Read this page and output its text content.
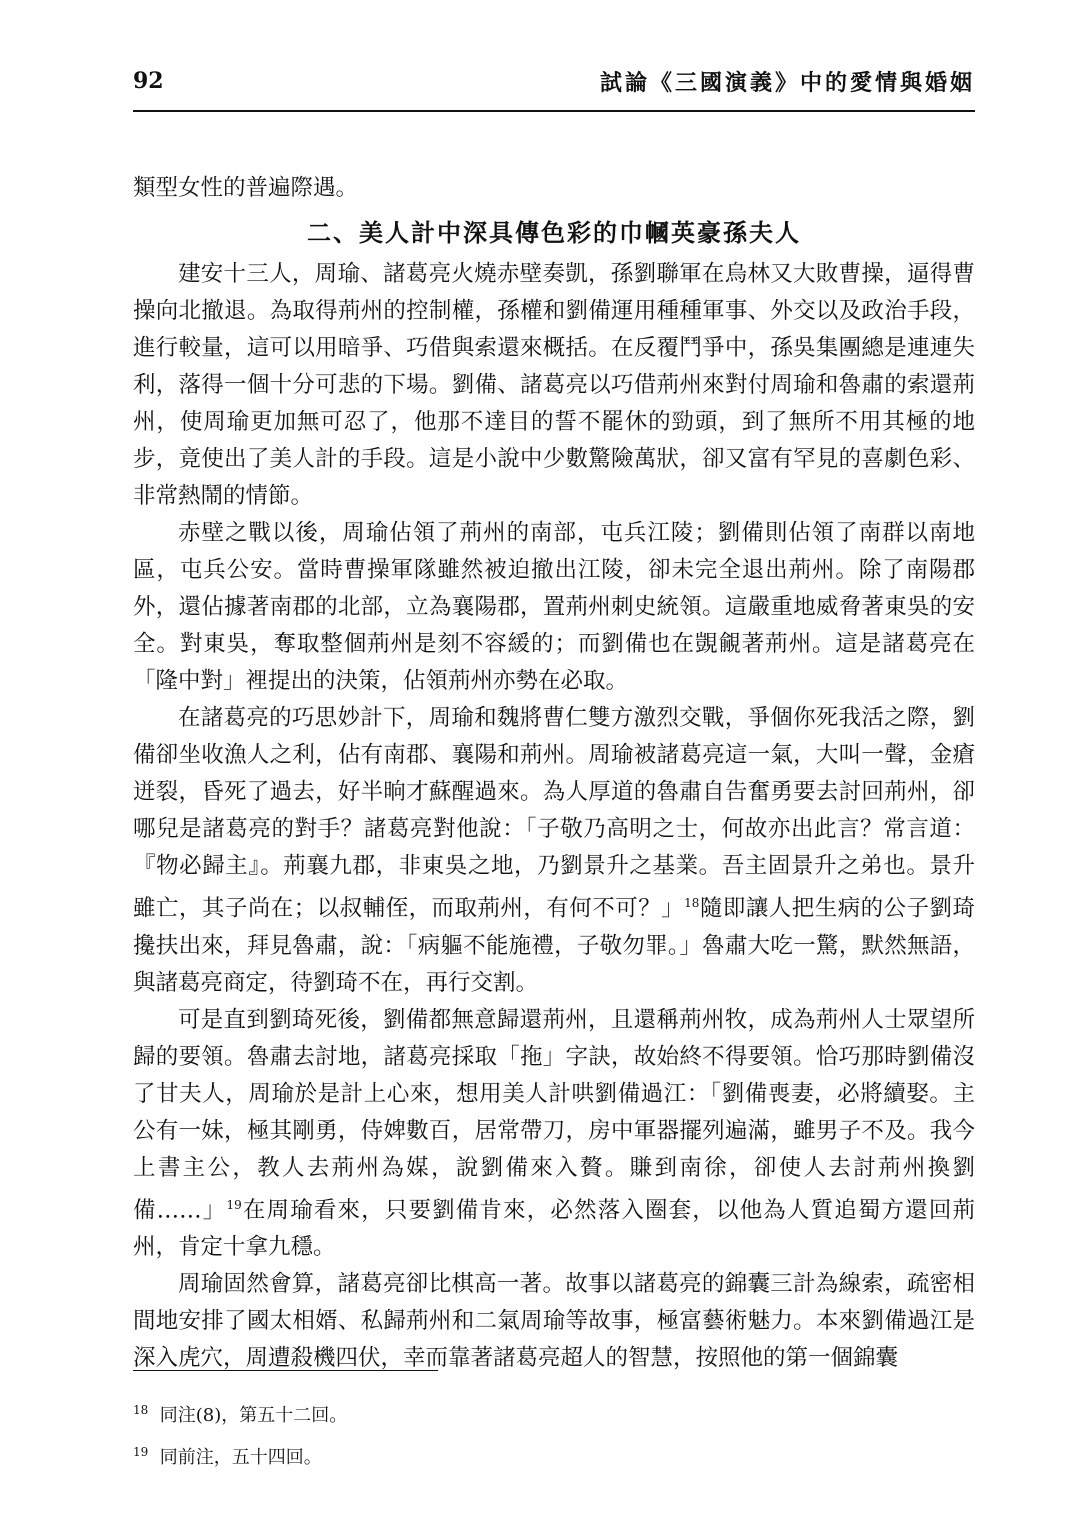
92	試論《三國演義》中的愛情與婚姻

類型女性的普遍際遇。

二、美人計中深具傳色彩的巾幗英豪孫夫人

建安十三人，周瑜、諸葛亮火燒赤壁奏凱，孫劉聯軍在烏林又大敗曹操，逼得曹操向北撤退。為取得荊州的控制權，孫權和劉備運用種種軍事、外交以及政治手段，進行較量，這可以用暗爭、巧借與索還來概括。在反覆鬥爭中，孫吳集團總是連連失利，落得一個十分可悲的下場。劉備、諸葛亮以巧借荊州來對付周瑜和魯肅的索還荊州，使周瑜更加無可忍了，他那不達目的誓不罷休的勁頭，到了無所不用其極的地步，竟使出了美人計的手段。這是小說中少數驚險萬狀，卻又富有罕見的喜劇色彩、非常熱鬧的情節。

赤壁之戰以後，周瑜佔領了荊州的南部，屯兵江陵；劉備則佔領了南群以南地區，屯兵公安。當時曹操軍隊雖然被迫撤出江陵，卻未完全退出荊州。除了南陽郡外，還佔據著南郡的北部，立為襄陽郡，置荊州刺史統領。這嚴重地威脅著東吳的安全。對東吳，奪取整個荊州是刻不容緩的；而劉備也在覬覦著荊州。這是諸葛亮在「隆中對」裡提出的決策，佔領荊州亦勢在必取。

在諸葛亮的巧思妙計下，周瑜和魏將曹仁雙方激烈交戰，爭個你死我活之際，劉備卻坐收漁人之利，佔有南郡、襄陽和荊州。周瑜被諸葛亮這一氣，大叫一聲，金瘡迸裂，昏死了過去，好半晌才蘇醒過來。為人厚道的魯肅自告奮勇要去討回荊州，卻哪兒是諸葛亮的對手？諸葛亮對他說：「子敬乃高明之士，何故亦出此言？常言道：『物必歸主』。荊襄九郡，非東吳之地，乃劉景升之基業。吾主固景升之弟也。景升雖亡，其子尚在；以叔輔侄，而取荊州，有何不可？」$^{18}$隨即讓人把生病的公子劉琦攙扶出來，拜見魯肅，說：「病軀不能施禮，子敬勿罪。」魯肅大吃一驚，默然無語，與諸葛亮商定，待劉琦不在，再行交割。

可是直到劉琦死後，劉備都無意歸還荊州，且還稱荊州牧，成為荊州人士眾望所歸的要領。魯肅去討地，諸葛亮採取「拖」字訣，故始終不得要領。恰巧那時劉備沒了甘夫人，周瑜於是計上心來，想用美人計哄劉備過江：「劉備喪妻，必將續娶。主公有一妹，極其剛勇，侍婢數百，居常帶刀，房中軍器擺列遍滿，雖男子不及。我今上書主公，教人去荊州為媒，說劉備來入贅。賺到南徐，卻使人去討荊州換劉備……」$^{19}$在周瑜看來，只要劉備肯來，必然落入圈套，以他為人質追蜀方還回荊州，肯定十拿九穩。

周瑜固然會算，諸葛亮卻比棋高一著。故事以諸葛亮的錦囊三計為線索，疏密相間地安排了國太相婿、私歸荊州和二氣周瑜等故事，極富藝術魅力。本來劉備過江是深入虎穴，周遭殺機四伏，幸而靠著諸葛亮超人的智慧，按照他的第一個錦囊

$^{18}$ 同注(8)，第五十二回。
$^{19}$ 同前注，五十四回。
